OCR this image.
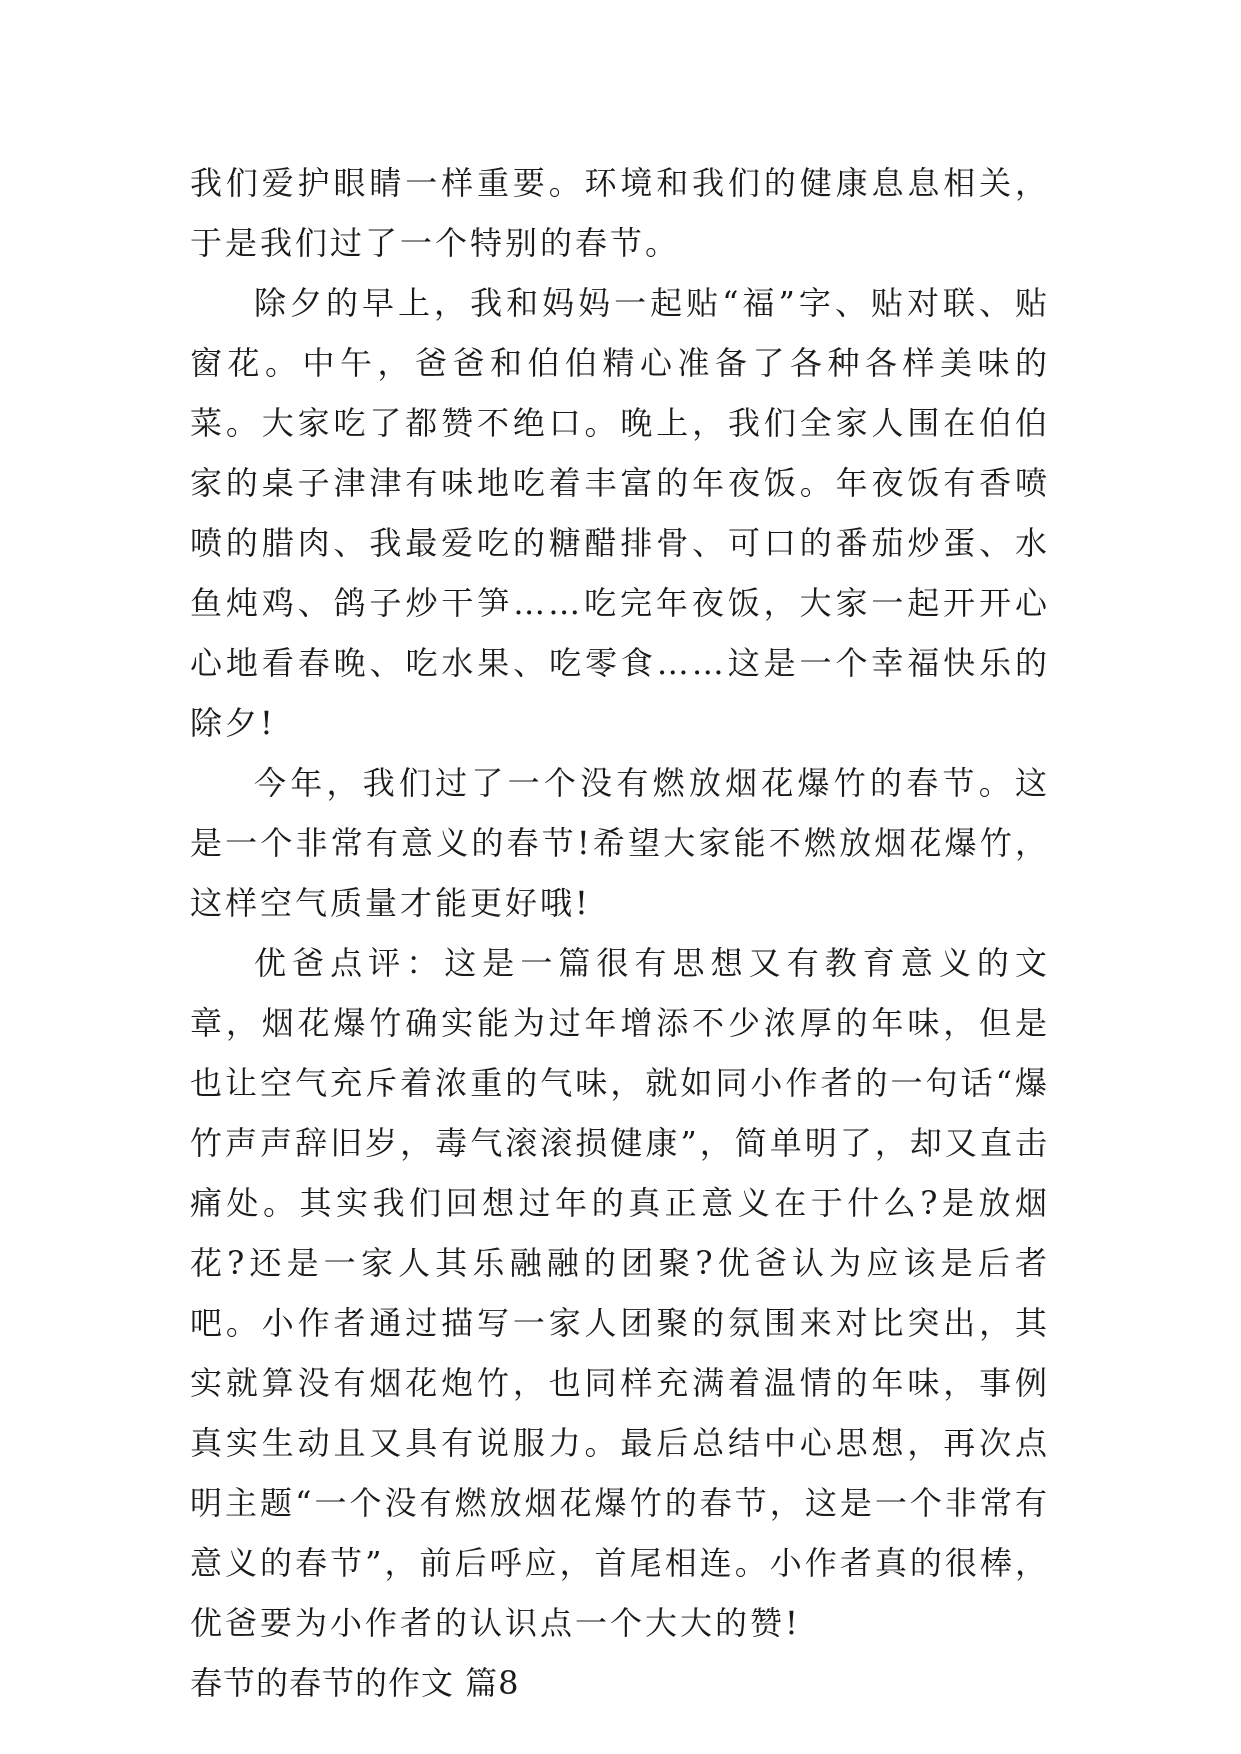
我们爱护眼睛一样重要。环境和我们的健康息息相关，于是我们过了一个特别的春节。

除夕的早上，我和妈妈一起贴“福”字、贴对联、贴窗花。中午，爸爸和伯伯精心准备了各种各样美味的菜。大家吃了都赞不绝口。晚上，我们全家人围在伯伯家的桌子津津有味地吃着丰富的年夜饭。年夜饭有香喷喷的腊肉、我最爱吃的糖醋排骨、可口的番茄炒蛋、水鱼炖鸡、鸽子炒干笋……吃完年夜饭，大家一起开开心心地看春晚、吃水果、吃零食……这是一个幸福快乐的除夕!

今年，我们过了一个没有燃放烟花爆竹的春节。这是一个非常有意义的春节!希望大家能不燃放烟花爆竹，这样空气质量才能更好哦!

优爸点评：这是一篇很有思想又有教育意义的文章，烟花爆竹确实能为过年增添不少浓厚的年味，但是也让空气充斥着浓重的气味，就如同小作者的一句话“爆竹声声辞旧岁，毒气滚滚损健康”，简单明了，却又直击痛处。其实我们回想过年的真正意义在于什么?是放烟花?还是一家人其乐融融的团聚?优爸认为应该是后者吧。小作者通过描写一家人团聚的氛围来对比突出，其实就算没有烟花炮竹，也同样充满着温情的年味，事例真实生动且又具有说服力。最后总结中心思想，再次点明主题“一个没有燃放烟花爆竹的春节，这是一个非常有意义的春节”，前后呼应，首尾相连。小作者真的很棒，优爸要为小作者的认识点一个大大的赞!

春节的春节的作文 篇8
